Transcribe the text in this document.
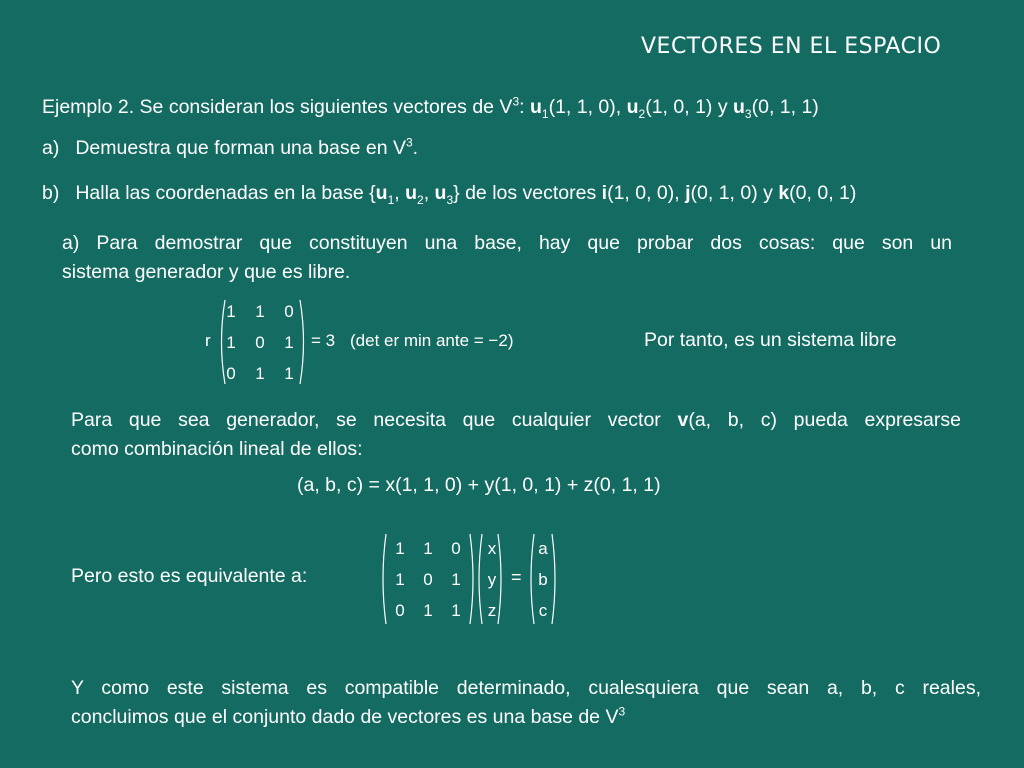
VECTORES EN EL ESPACIO
Ejemplo 2. Se consideran los siguientes vectores de $V^3$: $u_1(1$, 1, 0), $u_2(1$, 0, 1) y $u_3(0$, 1, 1)
a) Demuestra que forman una base en $V^3$.
b) Halla las coordenadas en la base {$u_1$, $u_2$, $u_3$} de los vectores i(1, 0, 0), j(0, 1, 0) y k(0, 0, 1)
a) Para demostrar que constituyen una base, hay que probar dos cosas: que son un
sistema generador y que es libre.
r
1	1	0
1	0	1
0	1	1
= 3 (det er min ante = −2)	Por tanto, es un sistema libre
Para que sea generador, se necesita que cualquier vector v(a, b, c) pueda expresarse
como combinación lineal de ellos:
(a, b, c) = x(1, 1, 0) + y(1, 0, 1) + z(0, 1, 1)
Pero esto es equivalente a:
1	1	0
1	0	1
0	1	1
x
y
z
=
a
b
c
Y como este sistema es compatible determinado, cualesquiera que sean a, b, c reales,
concluimos que el conjunto dado de vectores es una base de $V^3$
